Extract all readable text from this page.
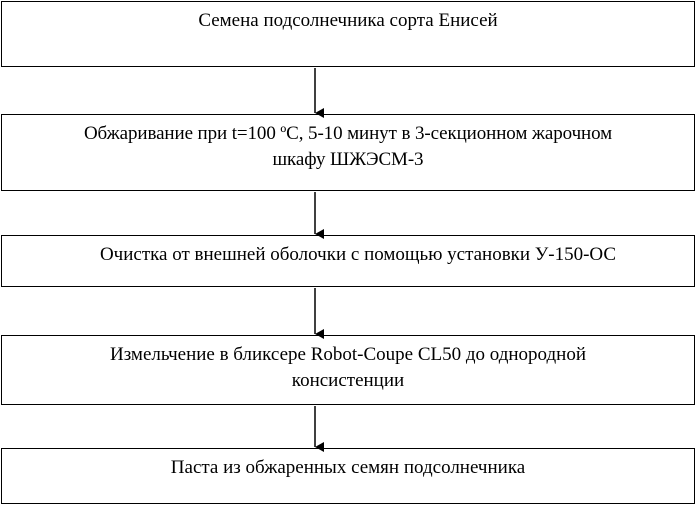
Семена подсолнечника сорта Енисей
Обжаривание при t=100 ºС, 5-10 минут в 3-секционном жарочном
шкафу ШЖЭСМ-3
Очистка от внешней оболочки с помощью установки У-150-ОС
Измельчение в бликсере Robot-Coupe CL50 до однородной
консистенции
Паста из обжаренных семян подсолнечника
